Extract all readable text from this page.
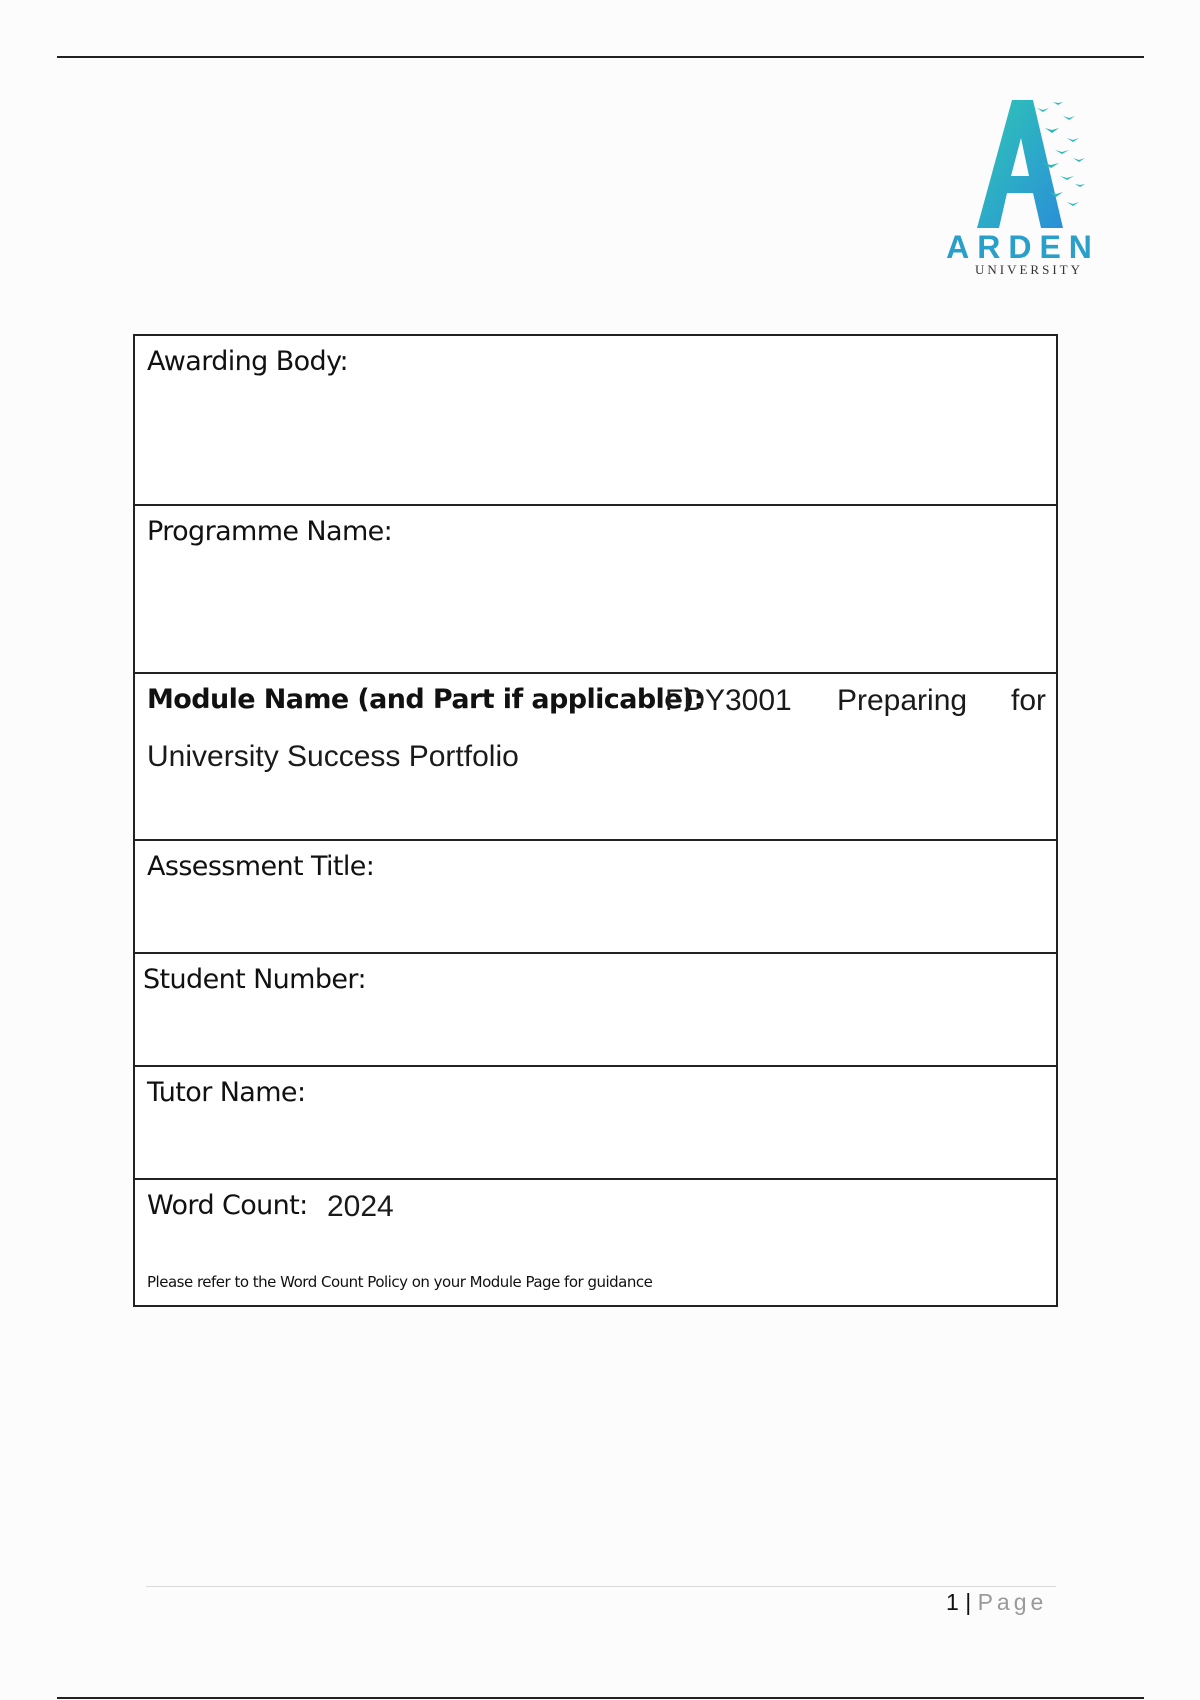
ARDEN
UNIVERSITY
Awarding Body:
Programme Name:
Module Name (and Part if applicable):
FDY3001 Preparing for
University Success Portfolio
Assessment Title:
Student Number:
Tutor Name:
Word Count: 2024
Please refer to the Word Count Policy on your Module Page for guidance
1 | Page
